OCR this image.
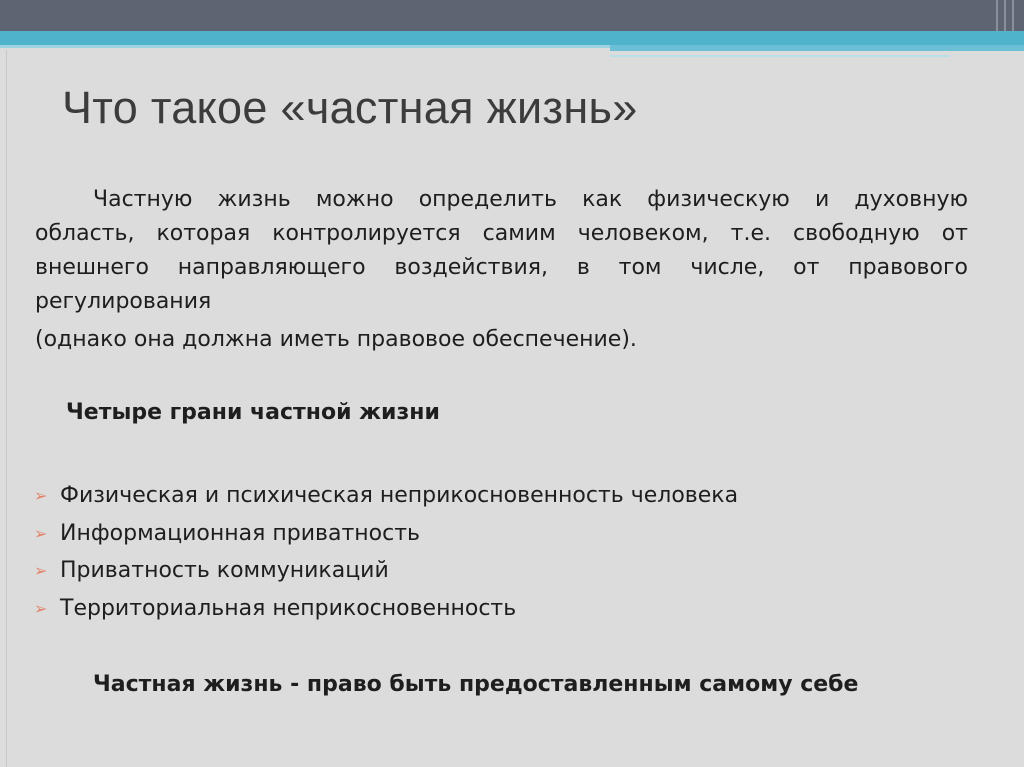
Что такое «частная жизнь»
Частную жизнь можно определить как физическую и духовную область, которая контролируется самим человеком, т.е. свободную от внешнего направляющего воздействия, в том числе, от правового регулирования
(однако она должна иметь правовое обеспечение).
Четыре грани частной жизни
➢ Физическая и психическая неприкосновенность человека
➢ Информационная приватность
➢ Приватность коммуникаций
➢ Территориальная неприкосновенность

Частная жизнь - право быть предоставленным самому себе
